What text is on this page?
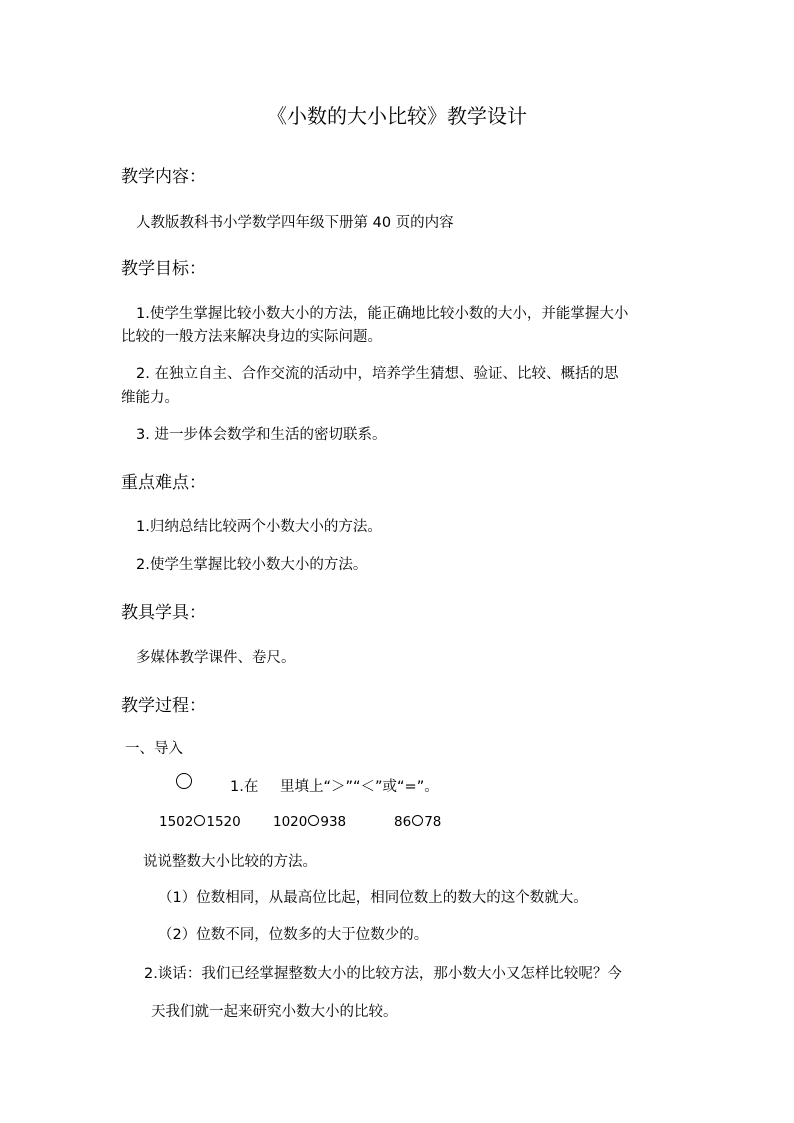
《小数的大小比较》教学设计
教学内容：
人教版教科书小学数学四年级下册第 40 页的内容
教学目标：
1.使学生掌握比较小数大小的方法，能正确地比较小数的大小，并能掌握大小
比较的一般方法来解决身边的实际问题。
2. 在独立自主、合作交流的活动中，培养学生猜想、验证、比较、概括的思
维能力。
3. 进一步体会数学和生活的密切联系。
重点难点：
1.归纳总结比较两个小数大小的方法。
2.使学生掌握比较小数大小的方法。
教具学具：
多媒体教学课件、卷尺。
教学过程：
一、导入
1.在 里填上“＞”“＜”或“=”。
1502 1520 1020 938	86 78
说说整数大小比较的方法。
（1）位数相同，从最高位比起，相同位数上的数大的这个数就大。
（2）位数不同，位数多的大于位数少的。
2.谈话：我们已经掌握整数大小的比较方法，那小数大小又怎样比较呢？今
天我们就一起来研究小数大小的比较。
